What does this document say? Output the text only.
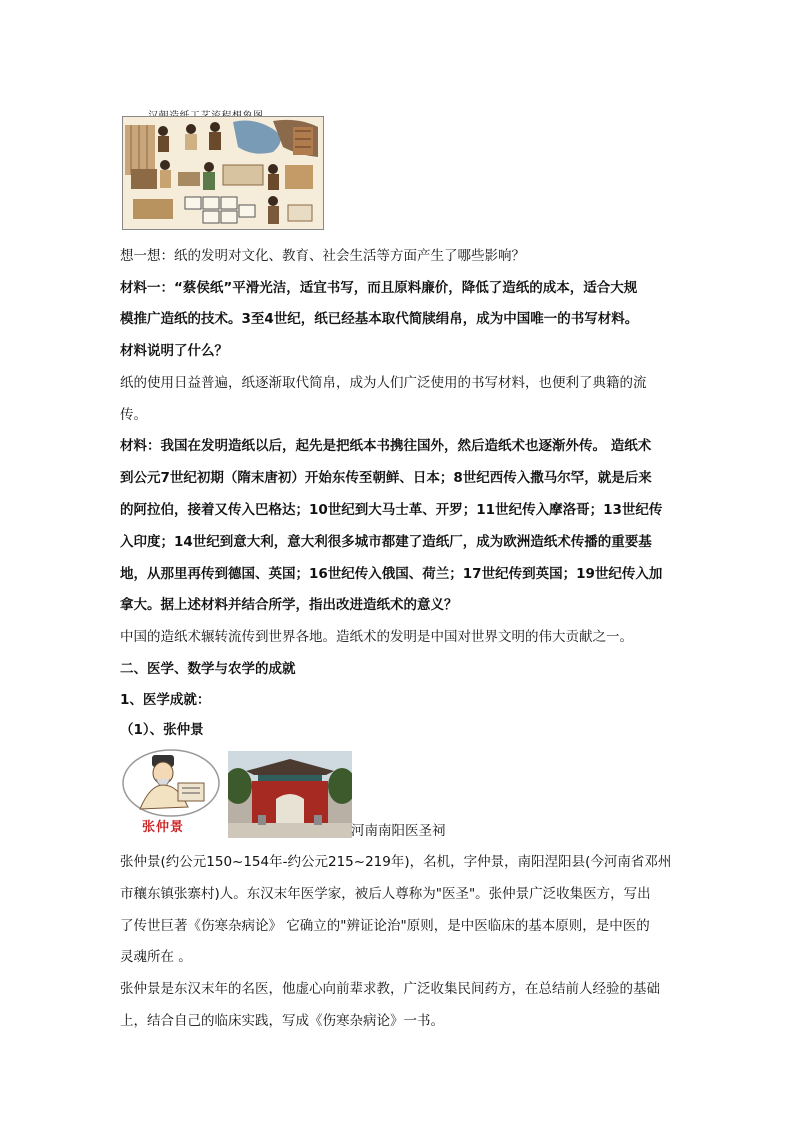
想一想：纸的发明对文化、教育、社会生活等方面产生了哪些影响？
材料一：“蔡侯纸”平滑光洁，适宜书写，而且原料廉价，降低了造纸的成本，适合大规
模推广造纸的技术。3至4世纪，纸已经基本取代简牍绢帛，成为中国唯一的书写材料。
材料说明了什么？
纸的使用日益普遍，纸逐渐取代简帛，成为人们广泛使用的书写材料，也便利了典籍的流
传。
材料：我国在发明造纸以后，起先是把纸本书携往国外，然后造纸术也逐渐外传。 造纸术
到公元7世纪初期（隋末唐初）开始东传至朝鲜、日本；8世纪西传入撒马尔罕，就是后来
的阿拉伯，接着又传入巴格达；10世纪到大马士革、开罗；11世纪传入摩洛哥；13世纪传
入印度；14世纪到意大利，意大利很多城市都建了造纸厂，成为欧洲造纸术传播的重要基
地，从那里再传到德国、英国；16世纪传入俄国、荷兰；17世纪传到英国；19世纪传入加
拿大。据上述材料并结合所学，指出改进造纸术的意义？
中国的造纸术辗转流传到世界各地。造纸术的发明是中国对世界文明的伟大贡献之一。
二、医学、数学与农学的成就
1、医学成就：
（1）、张仲景
张仲景	河南南阳医圣祠
张仲景(约公元150~154年-约公元215~219年)，名机，字仲景，南阳涅阳县(今河南省邓州
市穰东镇张寨村)人。东汉末年医学家，被后人尊称为"医圣"。张仲景广泛收集医方，写出
了传世巨著《伤寒杂病论》 它确立的"辨证论治"原则，是中医临床的基本原则，是中医的
灵魂所在 。
张仲景是东汉末年的名医，他虚心向前辈求教，广泛收集民间药方，在总结前人经验的基础
上，结合自己的临床实践，写成《伤寒杂病论》一书。
